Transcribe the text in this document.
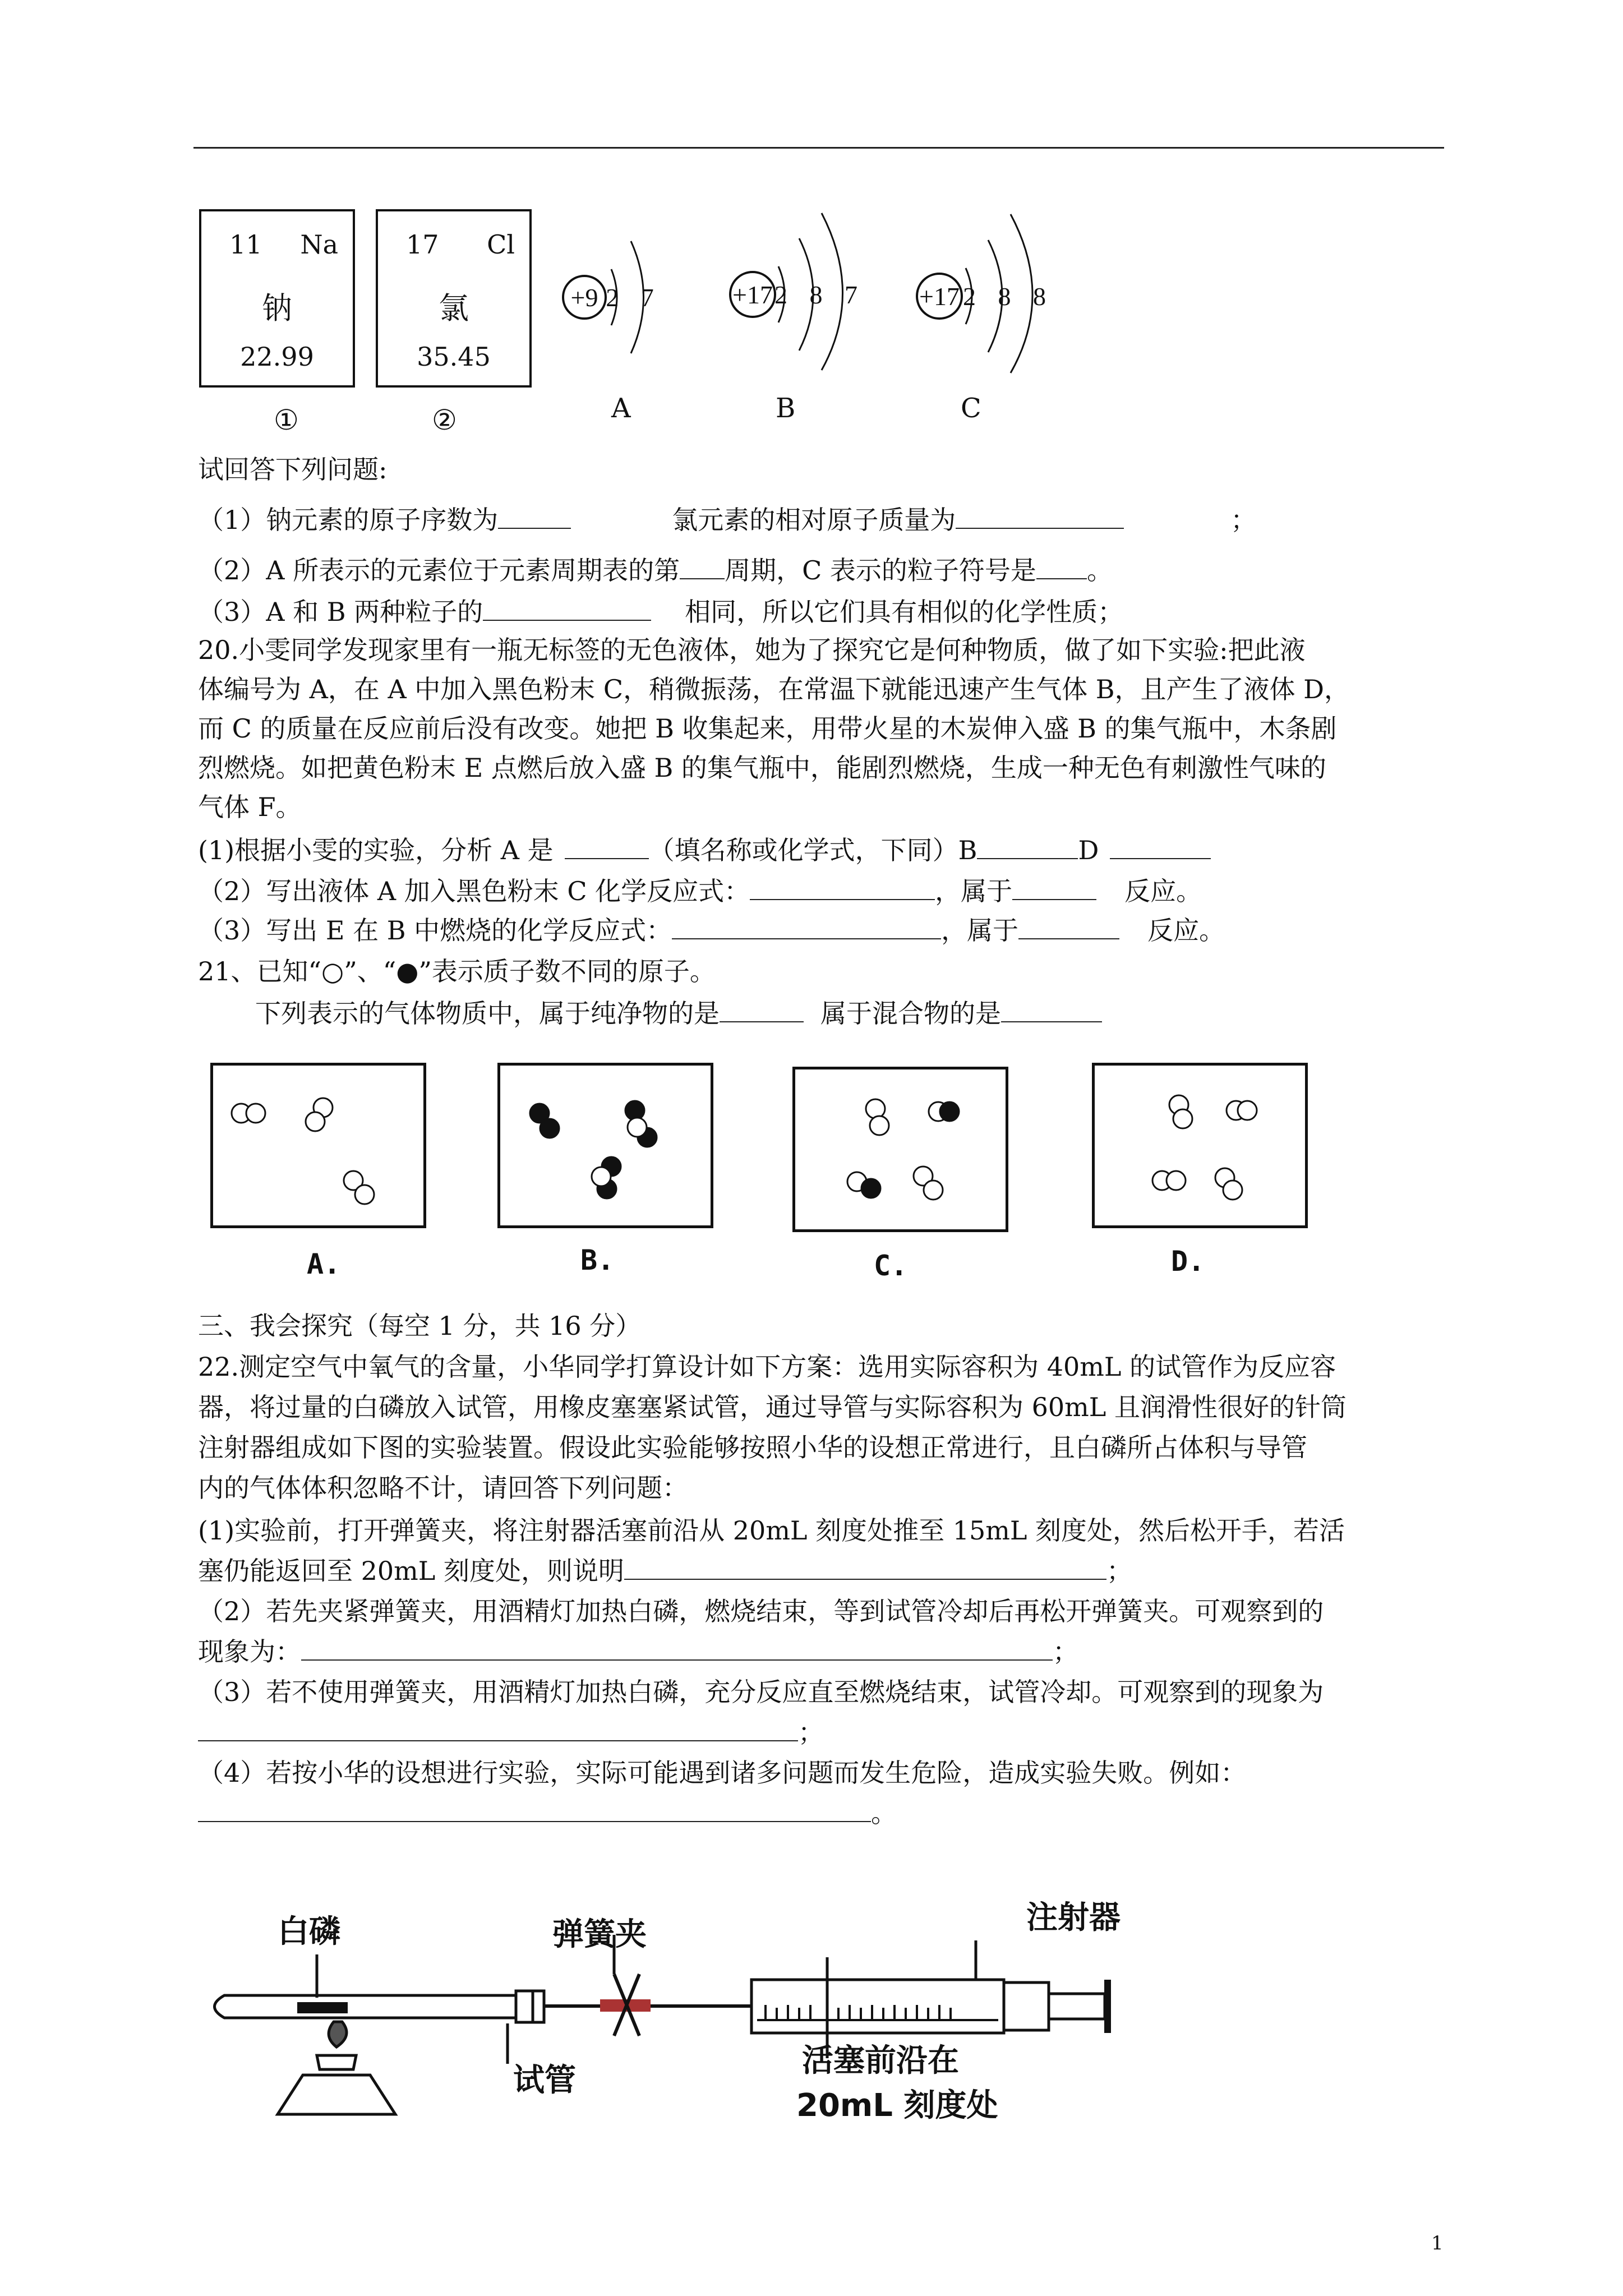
11 Na
钠
22.99
17 Cl
氯
35.45
①	②
+9 2 7	+17 2 8 7 +17 2 8 8
A	B	C
试回答下列问题:
（1）钠元素的原子序数为	氯元素的相对原子质量为	；
（2）A 所表示的元素位于元素周期表的第 周期，C 表示的粒子符号是 。
（3）A 和 B 两种粒子的	相同，所以它们具有相似的化学性质；
20.小雯同学发现家里有一瓶无标签的无色液体，她为了探究它是何种物质，做了如下实验:把此液
体编号为 A，在 A 中加入黑色粉末 C，稍微振荡，在常温下就能迅速产生气体 B，且产生了液体 D，
而 C 的质量在反应前后没有改变。她把 B 收集起来，用带火星的木炭伸入盛 B 的集气瓶中，木条剧
烈燃烧。如把黄色粉末 E 点燃后放入盛 B 的集气瓶中，能剧烈燃烧，生成一种无色有刺激性气味的
气体 F。
(1)根据小雯的实验，分析 A 是	（填名称或化学式，下同）B	D
（2）写出液体 A 加入黑色粉末 C 化学反应式：	，属于	反应。
（3）写出 E 在 B 中燃烧的化学反应式：	，属于	反应。
21、已知“○”、“●”表示质子数不同的原子。
下列表示的气体物质中，属于纯净物的是	属于混合物的是
A.	B.	C.	D.
三、我会探究（每空 1 分，共 16 分）
22.测定空气中氧气的含量，小华同学打算设计如下方案：选用实际容积为 40mL 的试管作为反应容
器，将过量的白磷放入试管，用橡皮塞塞紧试管，通过导管与实际容积为 60mL 且润滑性很好的针筒
注射器组成如下图的实验装置。假设此实验能够按照小华的设想正常进行，且白磷所占体积与导管
内的气体体积忽略不计，请回答下列问题：
(1)实验前，打开弹簧夹，将注射器活塞前沿从 20mL 刻度处推至 15mL 刻度处，然后松开手，若活
塞仍能返回至 20mL 刻度处，则说明	；
（2）若先夹紧弹簧夹，用酒精灯加热白磷，燃烧结束，等到试管冷却后再松开弹簧夹。可观察到的
现象为：	；
（3）若不使用弹簧夹，用酒精灯加热白磷，充分反应直至燃烧结束，试管冷却。可观察到的现象为
；
（4）若按小华的设想进行实验，实际可能遇到诸多问题而发生危险，造成实验失败。例如：
。
白磷	弹簧夹	注射器
试管
活塞前沿在
20mL 刻度处
1
